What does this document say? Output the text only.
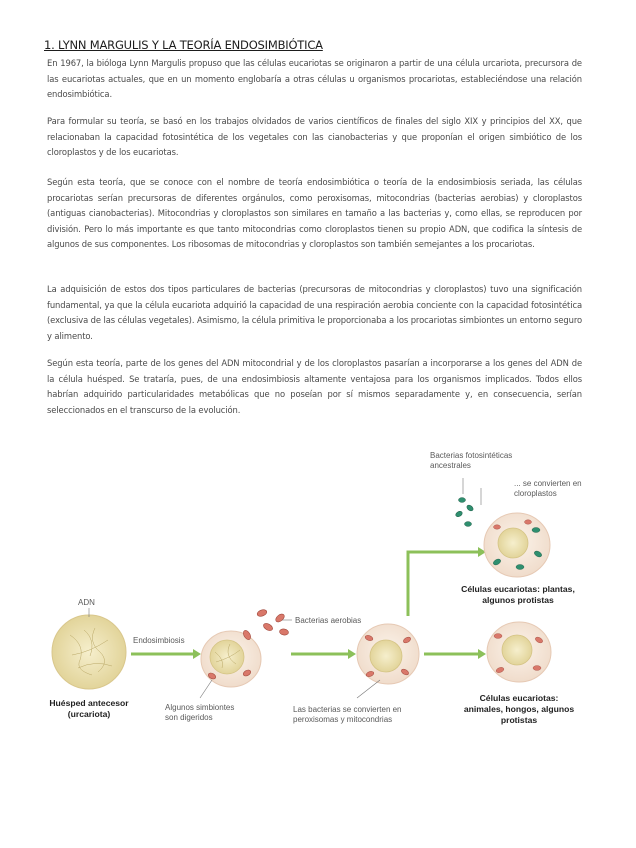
1. LYNN MARGULIS Y LA TEORÍA ENDOSIMBIÓTICA
En 1967, la bióloga Lynn Margulis propuso que las células eucariotas se originaron a partir de una célula urcariota, precursora de las eucariotas actuales, que en un momento englobaría a otras células u organismos procariotas, estableciéndose una relación endosimbiótica.
Para formular su teoría, se basó en los trabajos olvidados de varios científicos de finales del siglo XIX y principios del XX, que relacionaban la capacidad fotosintética de los vegetales con las cianobacterias y que proponían el origen simbiótico de los cloroplastos y de los eucariotas.
Según esta teoría, que se conoce con el nombre de teoría endosimbiótica o teoría de la endosimbiosis seriada, las células procariotas serían precursoras de diferentes orgánulos, como peroxisomas, mitocondrias (bacterias aerobias) y cloroplastos (antiguas cianobacterias). Mitocondrias y cloroplastos son similares en tamaño a las bacterias y, como ellas, se reproducen por división. Pero lo más importante es que tanto mitocondrias como cloroplastos tienen su propio ADN, que codifica la síntesis de algunos de sus componentes. Los ribosomas de mitocondrias y cloroplastos son también semejantes a los procariotas.
La adquisición de estos dos tipos particulares de bacterias (precursoras de mitocondrias y cloroplastos) tuvo una significación fundamental, ya que la célula eucariota adquirió la capacidad de una respiración aerobia conciente con la capacidad fotosintética (exclusiva de las células vegetales). Asimismo, la célula primitiva le proporcionaba a los procariotas simbiontes un entorno seguro y alimento.
Según esta teoría, parte de los genes del ADN mitocondrial y de los cloroplastos pasarían a incorporarse a los genes del ADN de la célula huésped. Se trataría, pues, de una endosimbiosis altamente ventajosa para los organismos implicados. Todos ellos habrían adquirido particularidades metabólicas que no poseían por sí mismos separadamente y, en consecuencia, serían seleccionados en el transcurso de la evolución.
ADN
Huésped antecesor
(urcariota)
Endosimbiosis
Bacterias aerobias
Algunos simbiontes
son digeridos
Las bacterias se convierten en
peroxisomas y mitocondrias
Bacterias fotosintéticas
ancestrales
... se convierten en
cloroplastos
Células eucariotas: plantas,
algunos protistas
Células eucariotas:
animales, hongos, algunos
protistas
